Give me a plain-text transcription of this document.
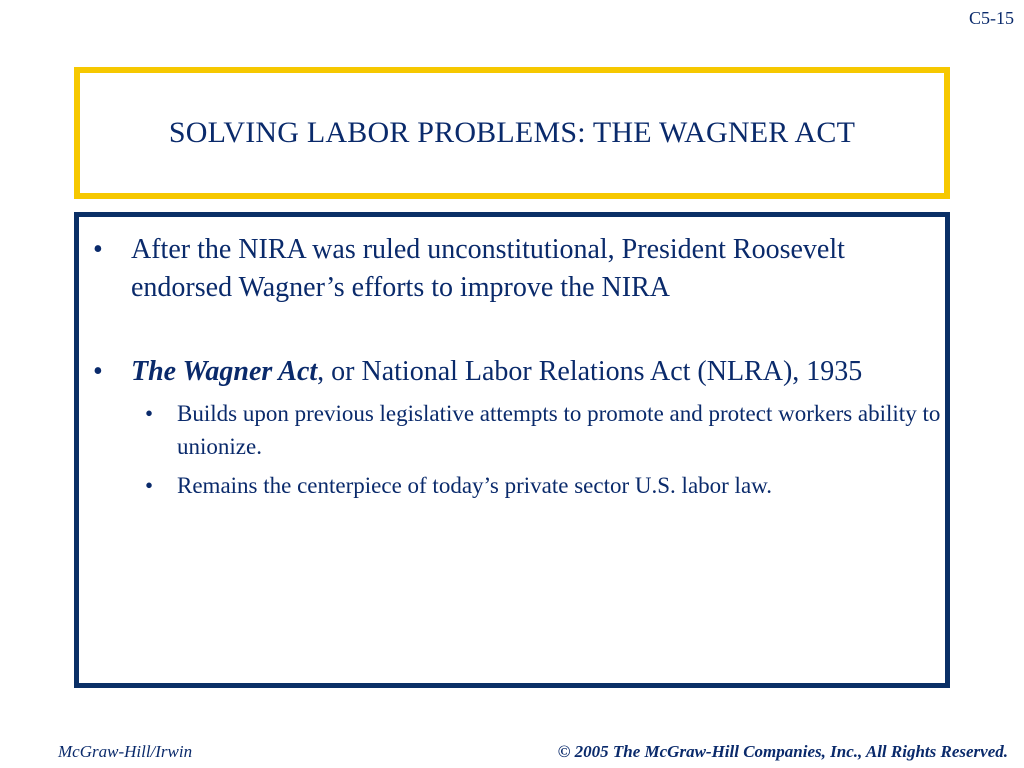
C5-15
SOLVING LABOR PROBLEMS: THE WAGNER ACT
• After the NIRA was ruled unconstitutional, President Roosevelt endorsed Wagner’s efforts to improve the NIRA
• The Wagner Act, or National Labor Relations Act (NLRA), 1935
• Builds upon previous legislative attempts to promote and protect workers ability to unionize.
• Remains the centerpiece of today’s private sector U.S. labor law.
McGraw-Hill/Irwin	© 2005 The McGraw-Hill Companies, Inc., All Rights Reserved.
